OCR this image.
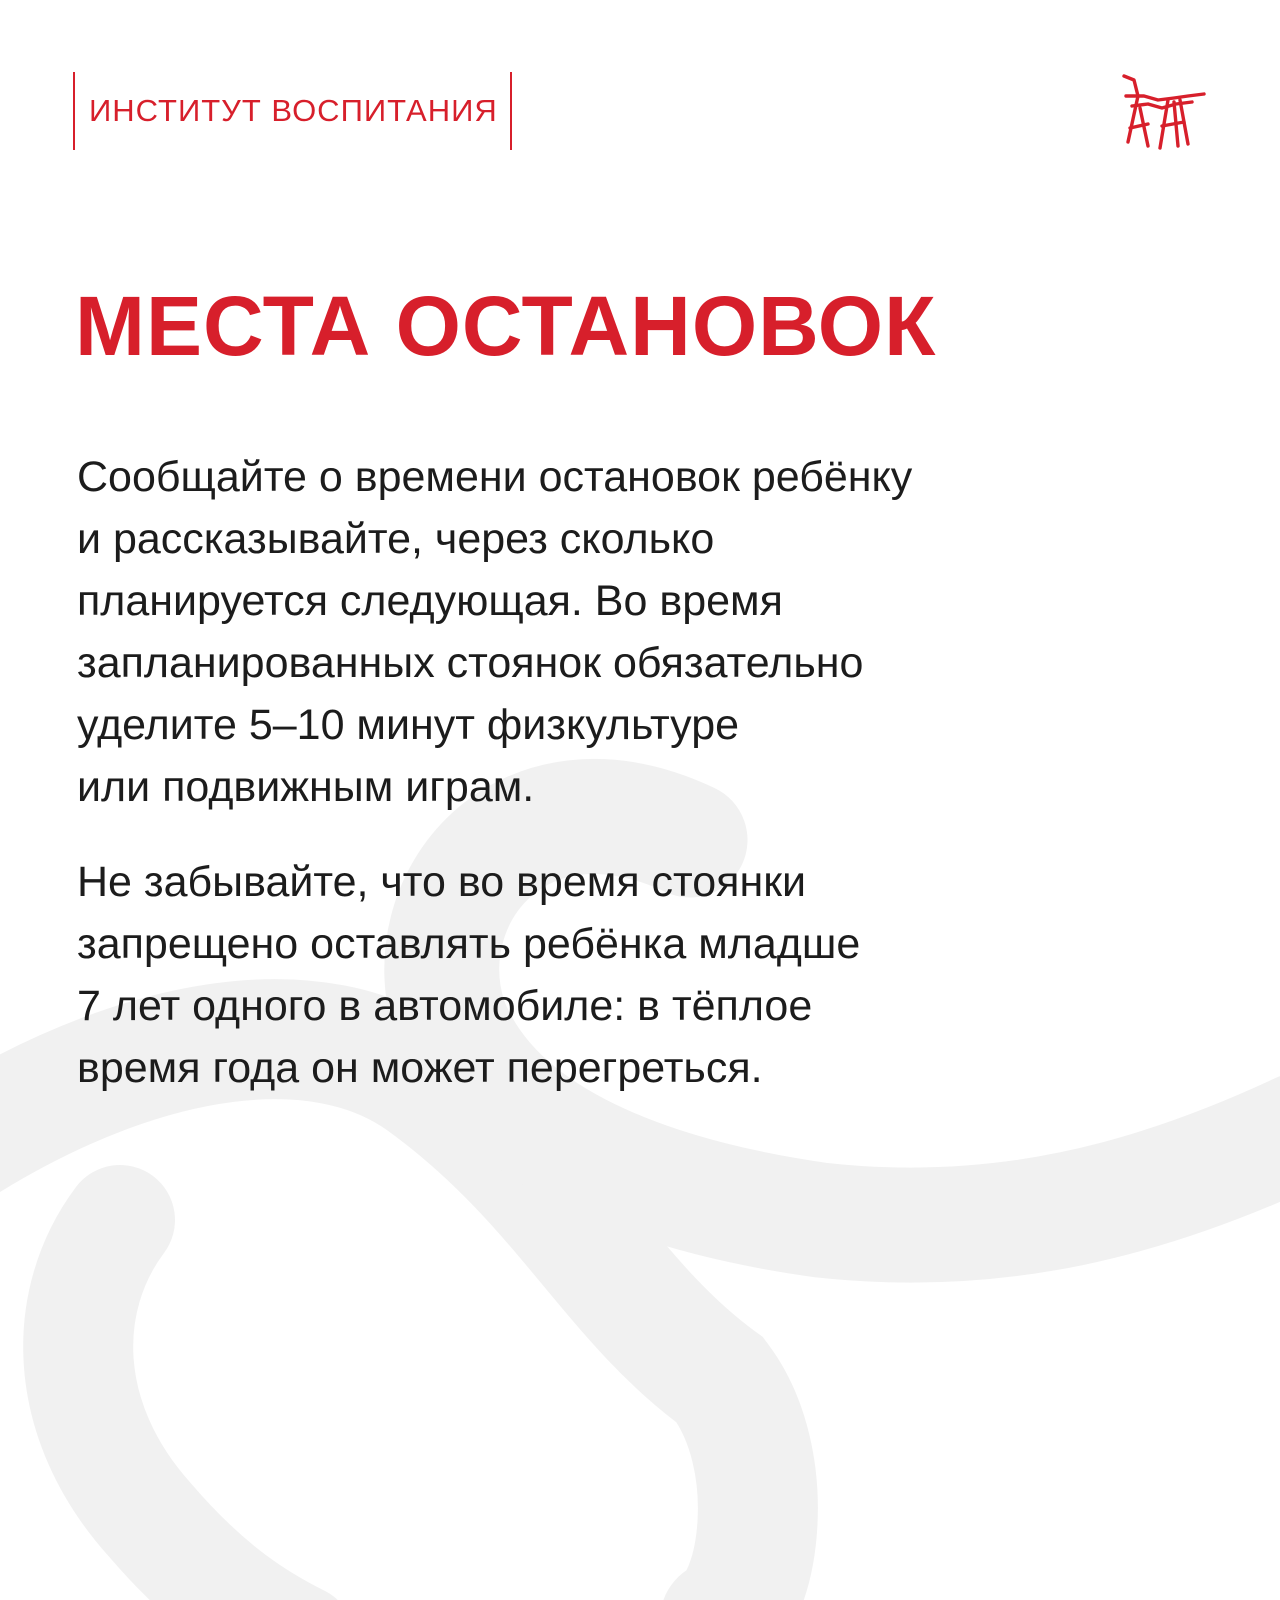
ИНСТИТУТ ВОСПИТАНИЯ
МЕСТА ОСТАНОВОК

Сообщайте о времени остановок ребёнку
и рассказывайте, через сколько
планируется следующая. Во время
запланированных стоянок обязательно
уделите 5–10 минут физкультуре
или подвижным играм.

Не забывайте, что во время стоянки
запрещено оставлять ребёнка младше
7 лет одного в автомобиле: в тёплое
время года он может перегреться.
